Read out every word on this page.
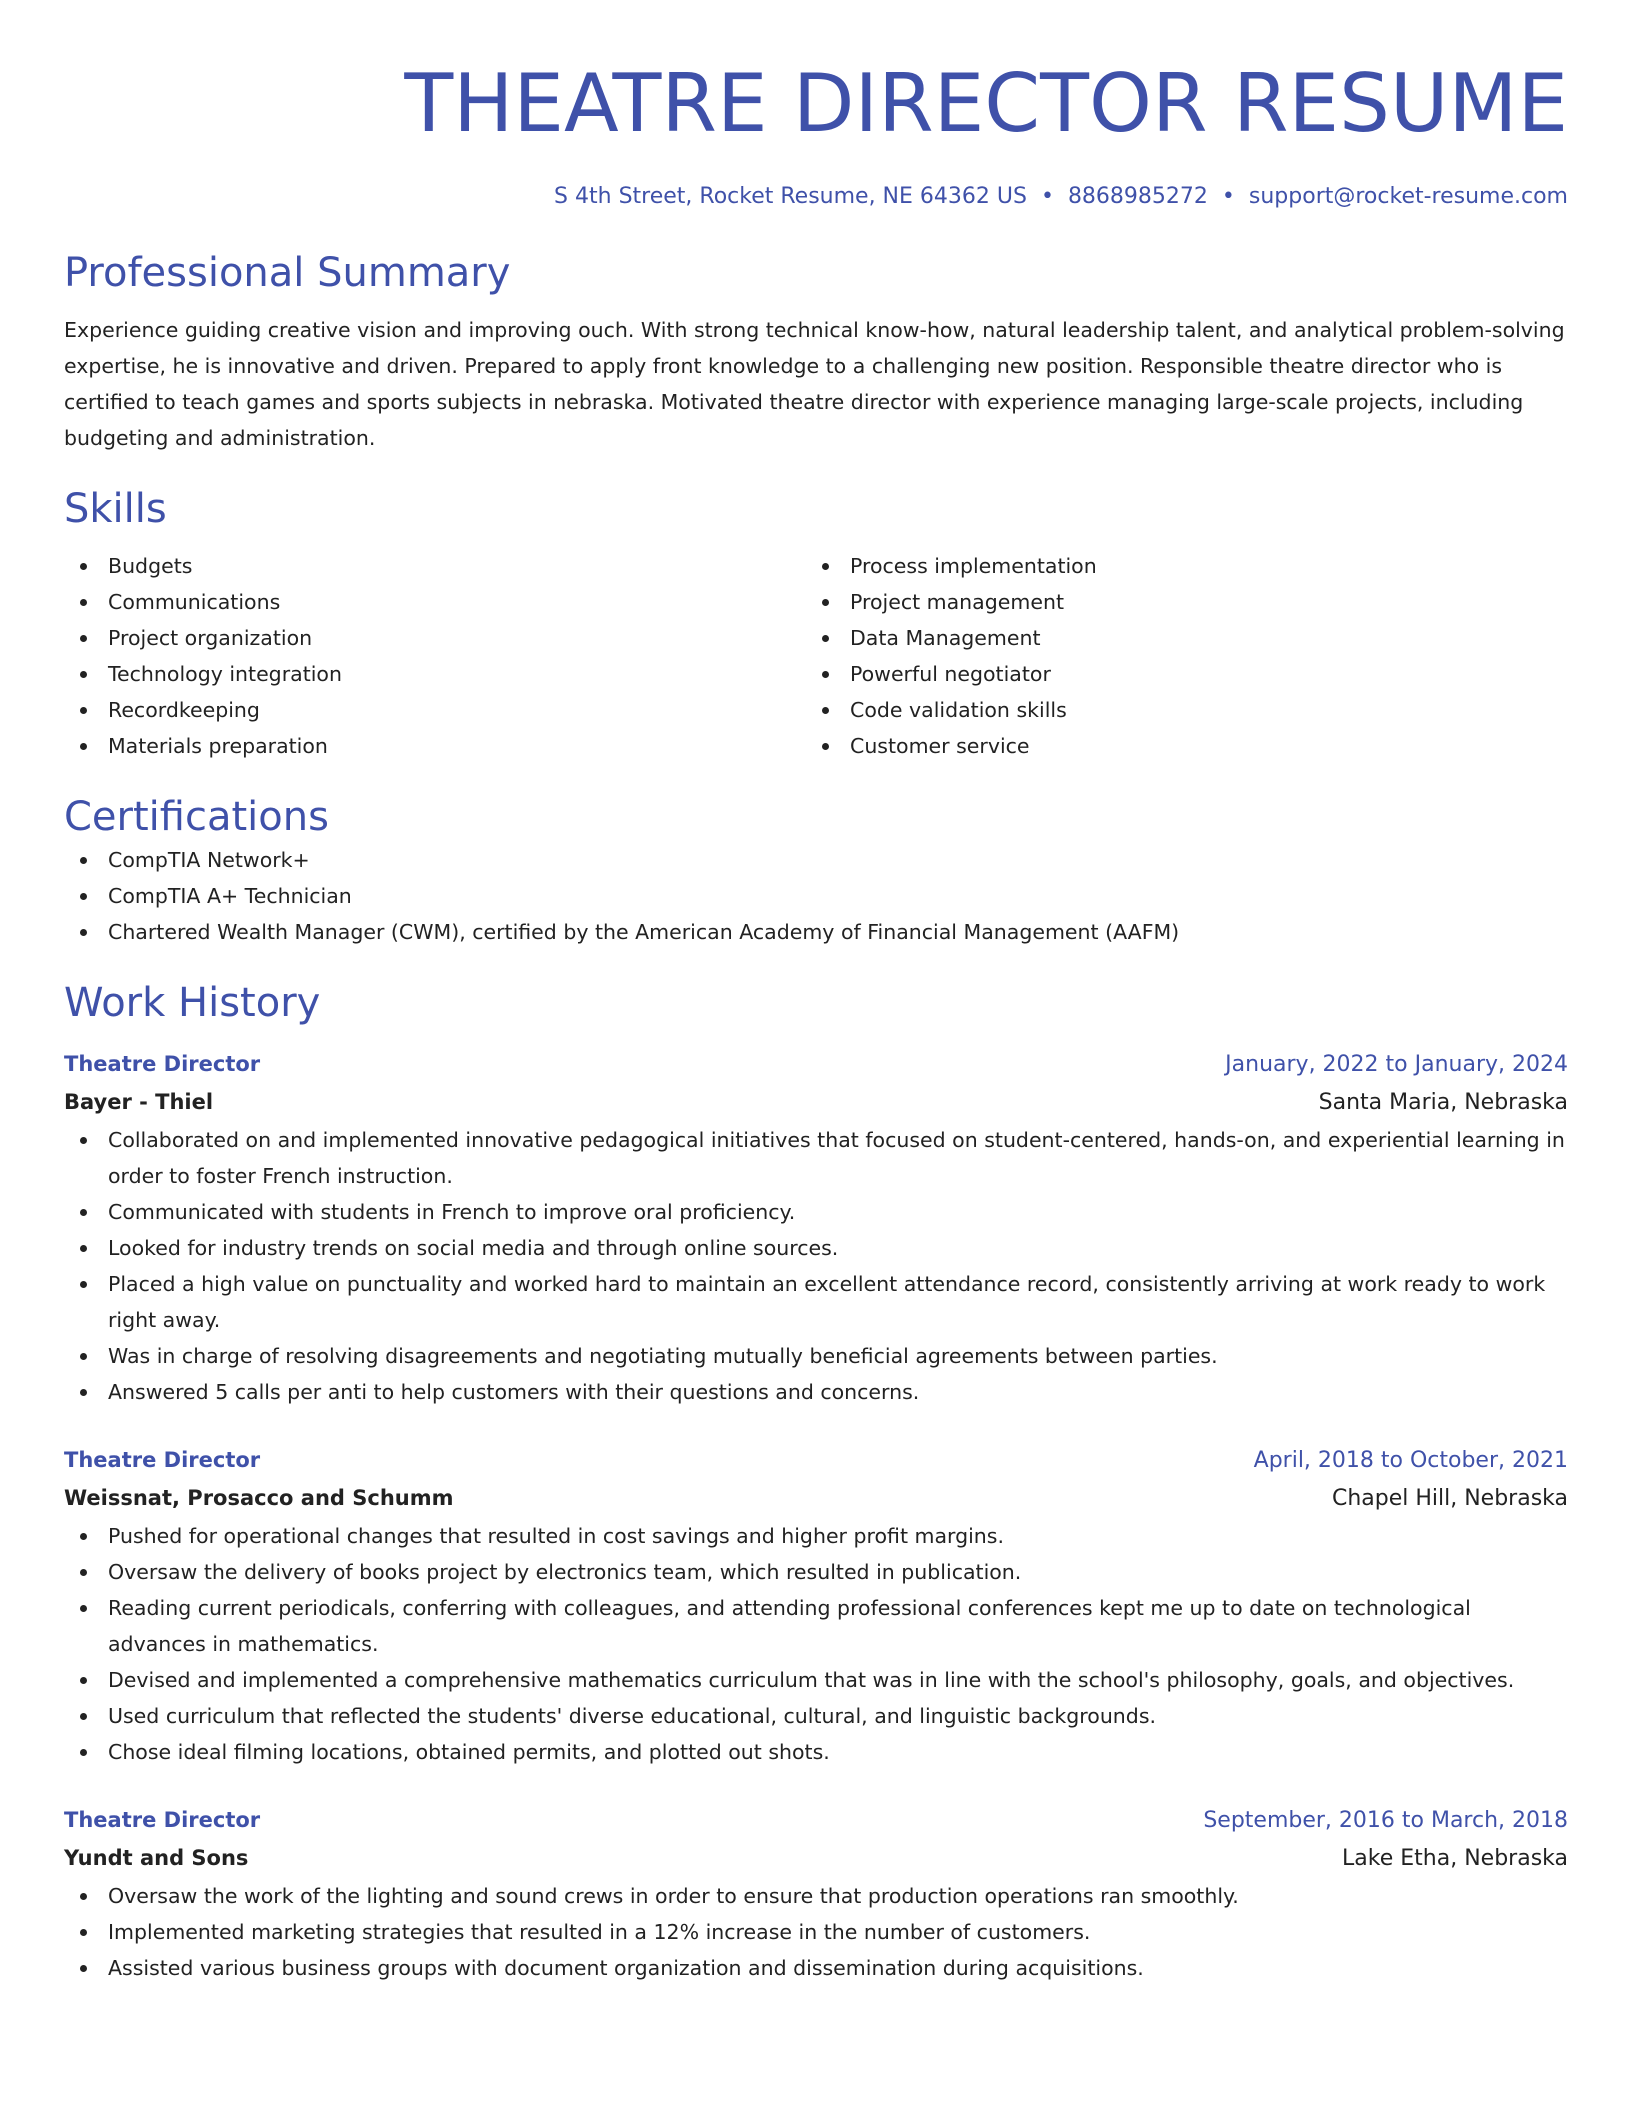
THEATRE DIRECTOR RESUME
S 4th Street, Rocket Resume, NE 64362 US • 8868985272 • support@rocket-resume.com
Professional Summary
Experience guiding creative vision and improving ouch. With strong technical know-how, natural leadership talent, and analytical problem-solving expertise, he is innovative and driven. Prepared to apply front knowledge to a challenging new position. Responsible theatre director who is certified to teach games and sports subjects in nebraska. Motivated theatre director with experience managing large-scale projects, including budgeting and administration.
Skills
Budgets
Communications
Project organization
Technology integration
Recordkeeping
Materials preparation
Process implementation
Project management
Data Management
Powerful negotiator
Code validation skills
Customer service
Certifications
CompTIA Network+
CompTIA A+ Technician
Chartered Wealth Manager (CWM), certified by the American Academy of Financial Management (AAFM)
Work History
Theatre Director	January, 2022 to January, 2024
Bayer - Thiel	Santa Maria, Nebraska
Collaborated on and implemented innovative pedagogical initiatives that focused on student-centered, hands-on, and experiential learning in order to foster French instruction.
Communicated with students in French to improve oral proficiency.
Looked for industry trends on social media and through online sources.
Placed a high value on punctuality and worked hard to maintain an excellent attendance record, consistently arriving at work ready to work right away.
Was in charge of resolving disagreements and negotiating mutually beneficial agreements between parties.
Answered 5 calls per anti to help customers with their questions and concerns.
Theatre Director	April, 2018 to October, 2021
Weissnat, Prosacco and Schumm	Chapel Hill, Nebraska
Pushed for operational changes that resulted in cost savings and higher profit margins.
Oversaw the delivery of books project by electronics team, which resulted in publication.
Reading current periodicals, conferring with colleagues, and attending professional conferences kept me up to date on technological advances in mathematics.
Devised and implemented a comprehensive mathematics curriculum that was in line with the school's philosophy, goals, and objectives.
Used curriculum that reflected the students' diverse educational, cultural, and linguistic backgrounds.
Chose ideal filming locations, obtained permits, and plotted out shots.
Theatre Director	September, 2016 to March, 2018
Yundt and Sons	Lake Etha, Nebraska
Oversaw the work of the lighting and sound crews in order to ensure that production operations ran smoothly.
Implemented marketing strategies that resulted in a 12% increase in the number of customers.
Assisted various business groups with document organization and dissemination during acquisitions.
